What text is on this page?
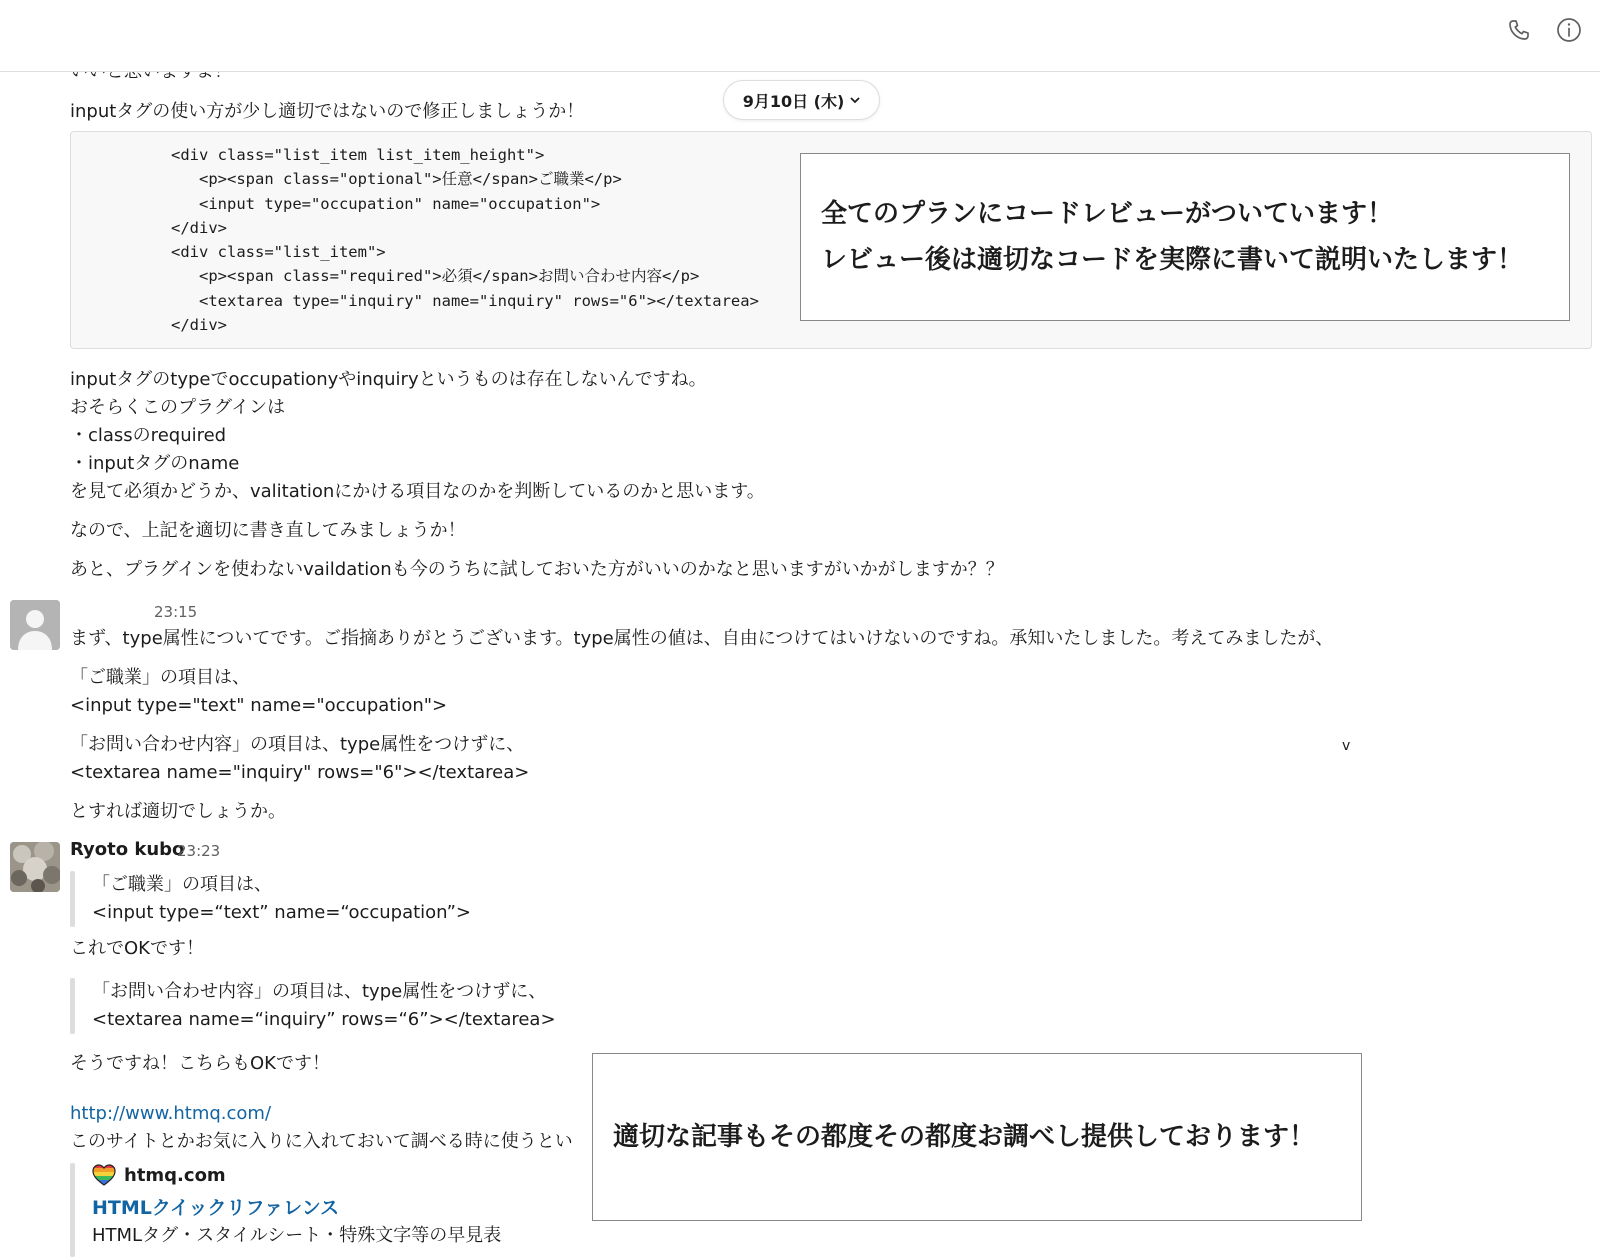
9月10日 (木)
inputタグの使い方が少し適切ではないので修正しましょうか！
<div class="list_item list_item_height">
<p><span class="optional">任意</span>ご職業</p>
<input type="occupation" name="occupation">
</div>
<div class="list_item">
<p><span class="required">必須</span>お問い合わせ内容</p>
<textarea type="inquiry" name="inquiry" rows="6"></textarea>
</div>
全てのプランにコードレビューがついています！
レビュー後は適切なコードを実際に書いて説明いたします！
inputタグのtypeでoccupationyやinquiryというものは存在しないんですね。
おそらくこのプラグインは
・classのrequired
・inputタグのname
を見て必須かどうか、valitationにかける項目なのかを判断しているのかと思います。
なので、上記を適切に書き直してみましょうか！
あと、プラグインを使わないvaildationも今のうちに試しておいた方がいいのかなと思いますがいかがしますか？？
23:15
まず、type属性についてです。ご指摘ありがとうございます。type属性の値は、自由につけてはいけないのですね。承知いたしました。考えてみましたが、
「ご職業」の項目は、
<input type="text" name="occupation">
「お問い合わせ内容」の項目は、type属性をつけずに、	v
<textarea name="inquiry" rows="6"></textarea>
とすれば適切でしょうか。
Ryoto kubo
23:23
「ご職業」の項目は、
<input type=“text” name=“occupation”>
これでOKです！
「お問い合わせ内容」の項目は、type属性をつけずに、
<textarea name=“inquiry” rows=“6”></textarea>
そうですね！こちらもOKです！
http://www.htmq.com/
このサイトとかお気に入りに入れておいて調べる時に使うとい
htmq.com
HTMLクイックリファレンス
HTMLタグ・スタイルシート・特殊文字等の早見表
適切な記事もその都度その都度お調べし提供しております！
